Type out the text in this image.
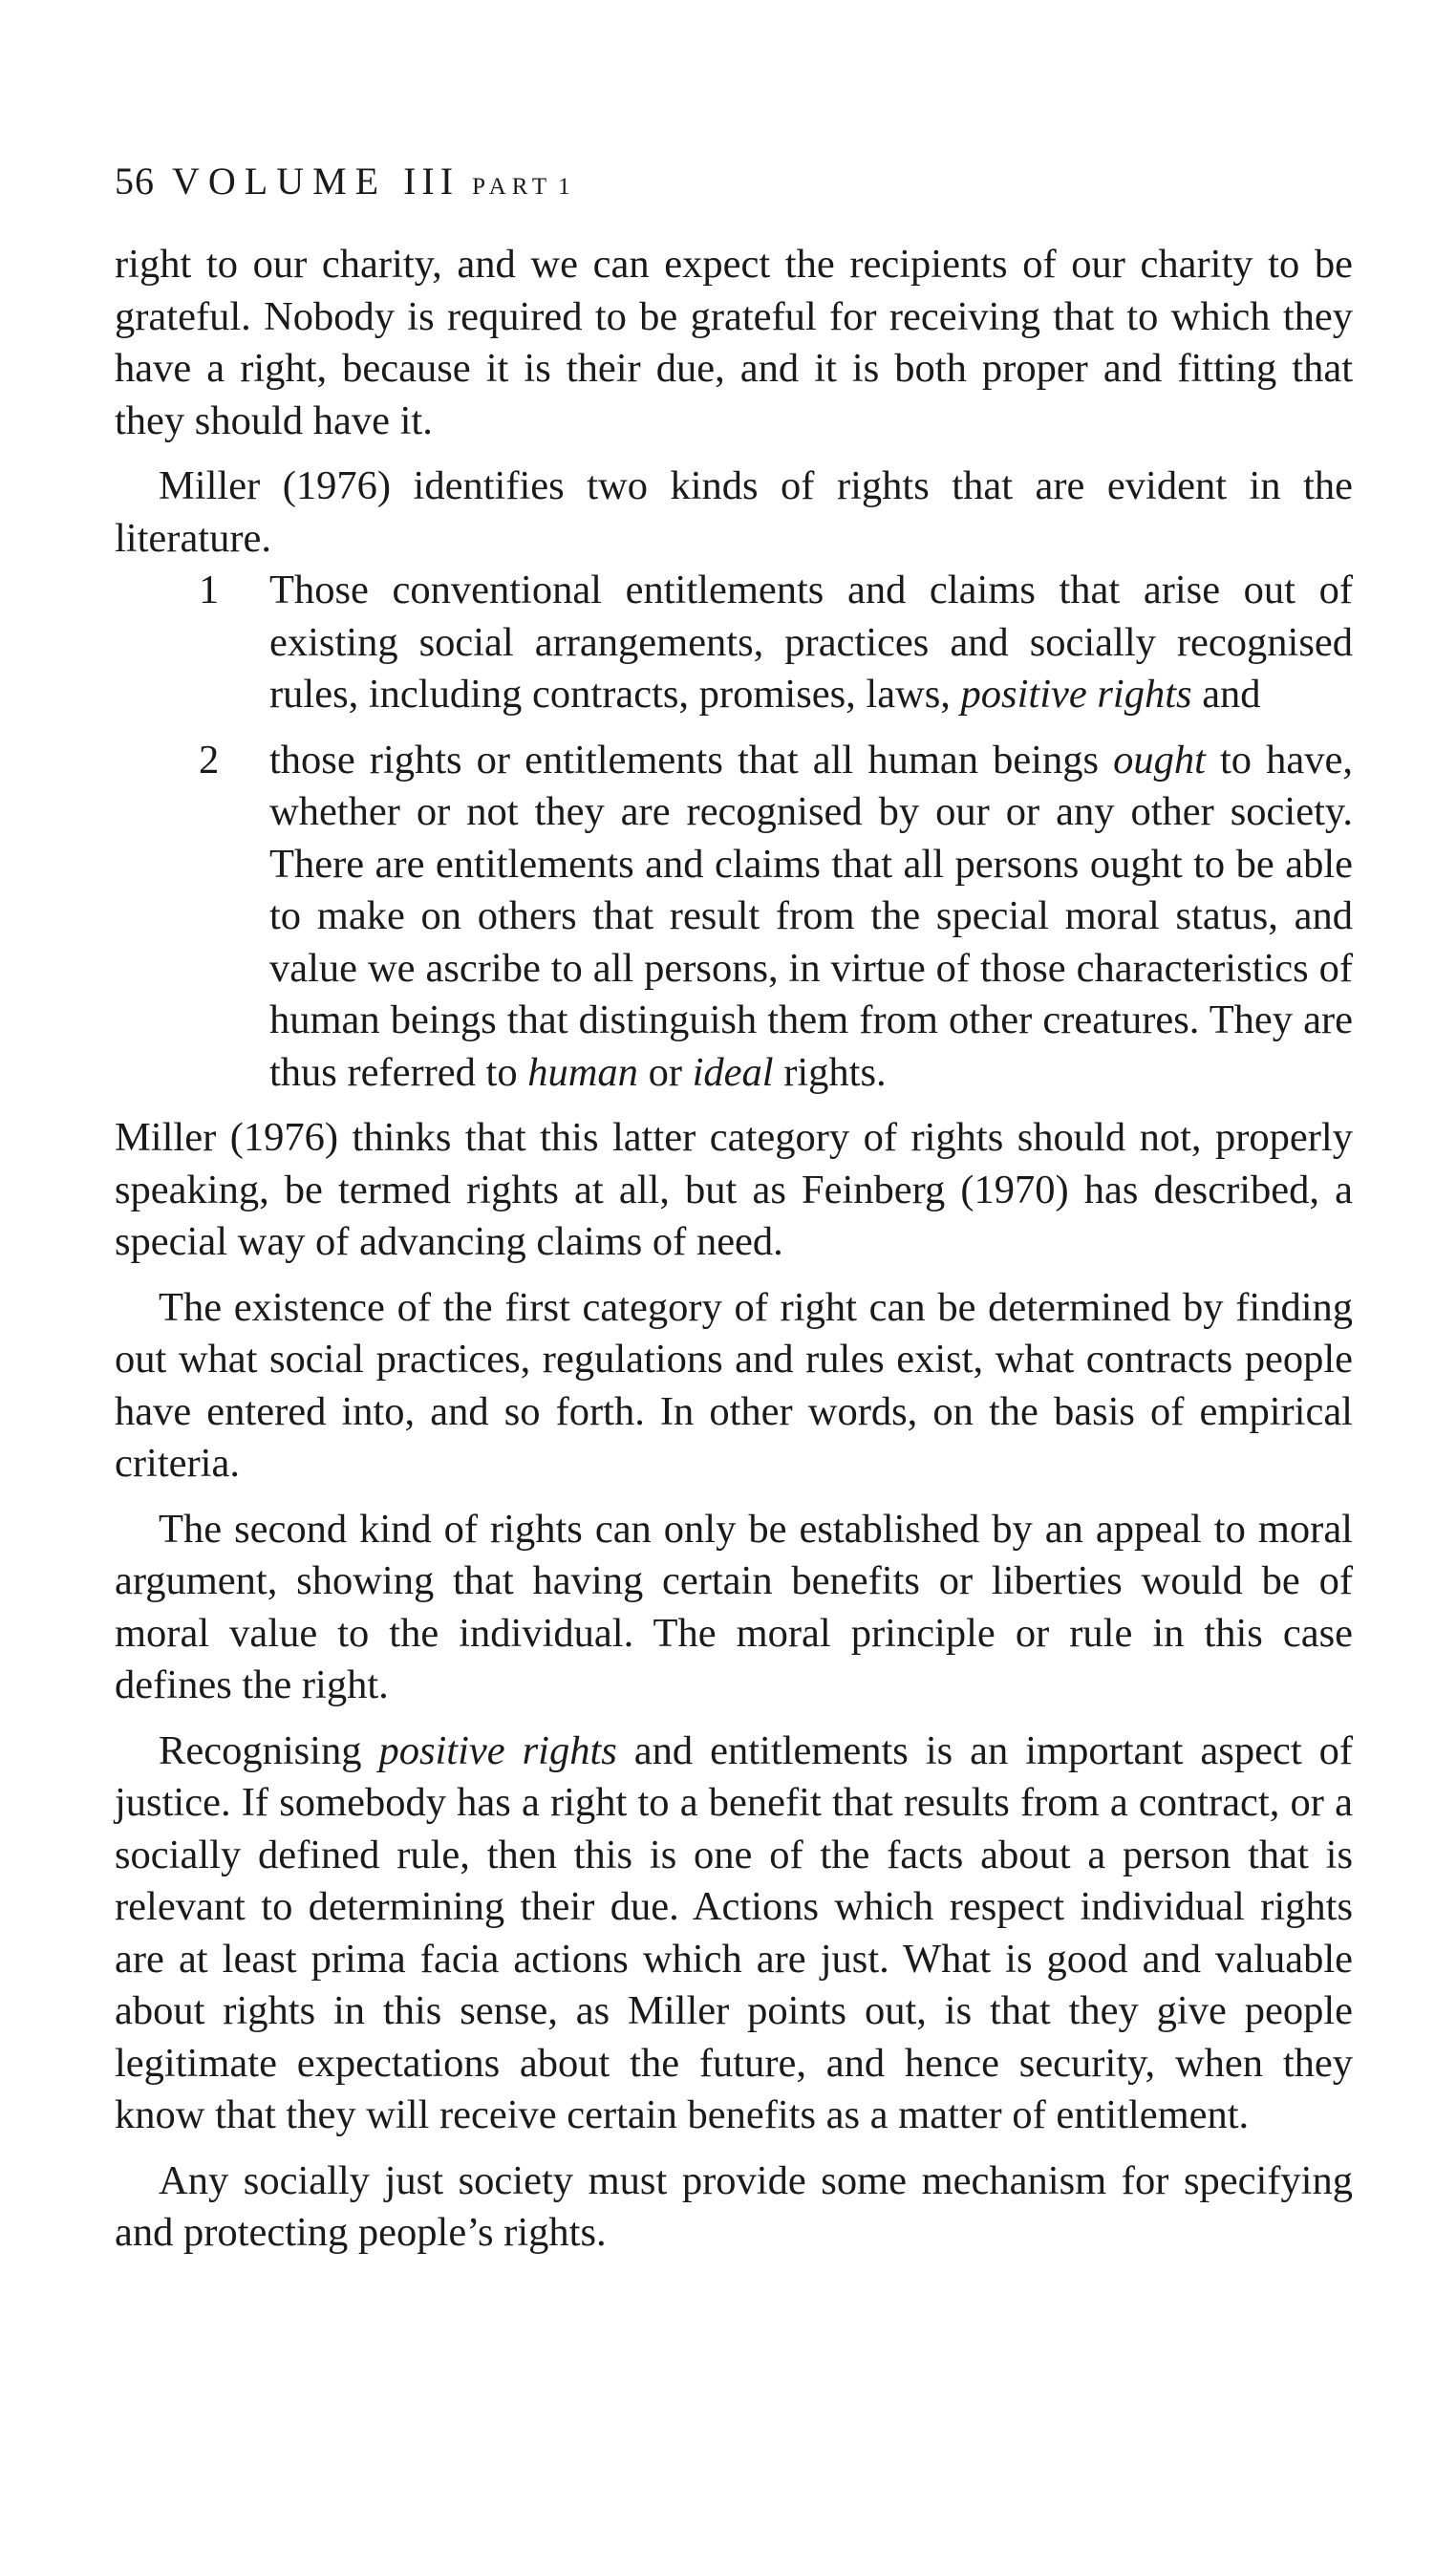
56 VOLUME III PART 1

right to our charity, and we can expect the recipients of our charity to be grateful. Nobody is required to be grateful for receiving that to which they have a right, because it is their due, and it is both proper and fitting that they should have it.

Miller (1976) identifies two kinds of rights that are evident in the literature.

1 Those conventional entitlements and claims that arise out of existing social arrangements, practices and socially recognised rules, including contracts, promises, laws, positive rights and
2 those rights or entitlements that all human beings ought to have, whether or not they are recognised by our or any other society. There are entitlements and claims that all persons ought to be able to make on others that result from the special moral status, and value we ascribe to all persons, in virtue of those characteristics of human beings that distinguish them from other creatures. They are thus referred to human or ideal rights.

Miller (1976) thinks that this latter category of rights should not, properly speaking, be termed rights at all, but as Feinberg (1970) has described, a special way of advancing claims of need.

The existence of the first category of right can be determined by finding out what social practices, regulations and rules exist, what contracts people have entered into, and so forth. In other words, on the basis of empirical criteria.

The second kind of rights can only be established by an appeal to moral argument, showing that having certain benefits or liberties would be of moral value to the individual. The moral principle or rule in this case defines the right.

Recognising positive rights and entitlements is an important aspect of justice. If somebody has a right to a benefit that results from a contract, or a socially defined rule, then this is one of the facts about a person that is relevant to determining their due. Actions which respect individual rights are at least prima facia actions which are just. What is good and valuable about rights in this sense, as Miller points out, is that they give people legitimate expectations about the future, and hence security, when they know that they will receive certain benefits as a matter of entitlement.

Any socially just society must provide some mechanism for specifying and protecting people’s rights.
